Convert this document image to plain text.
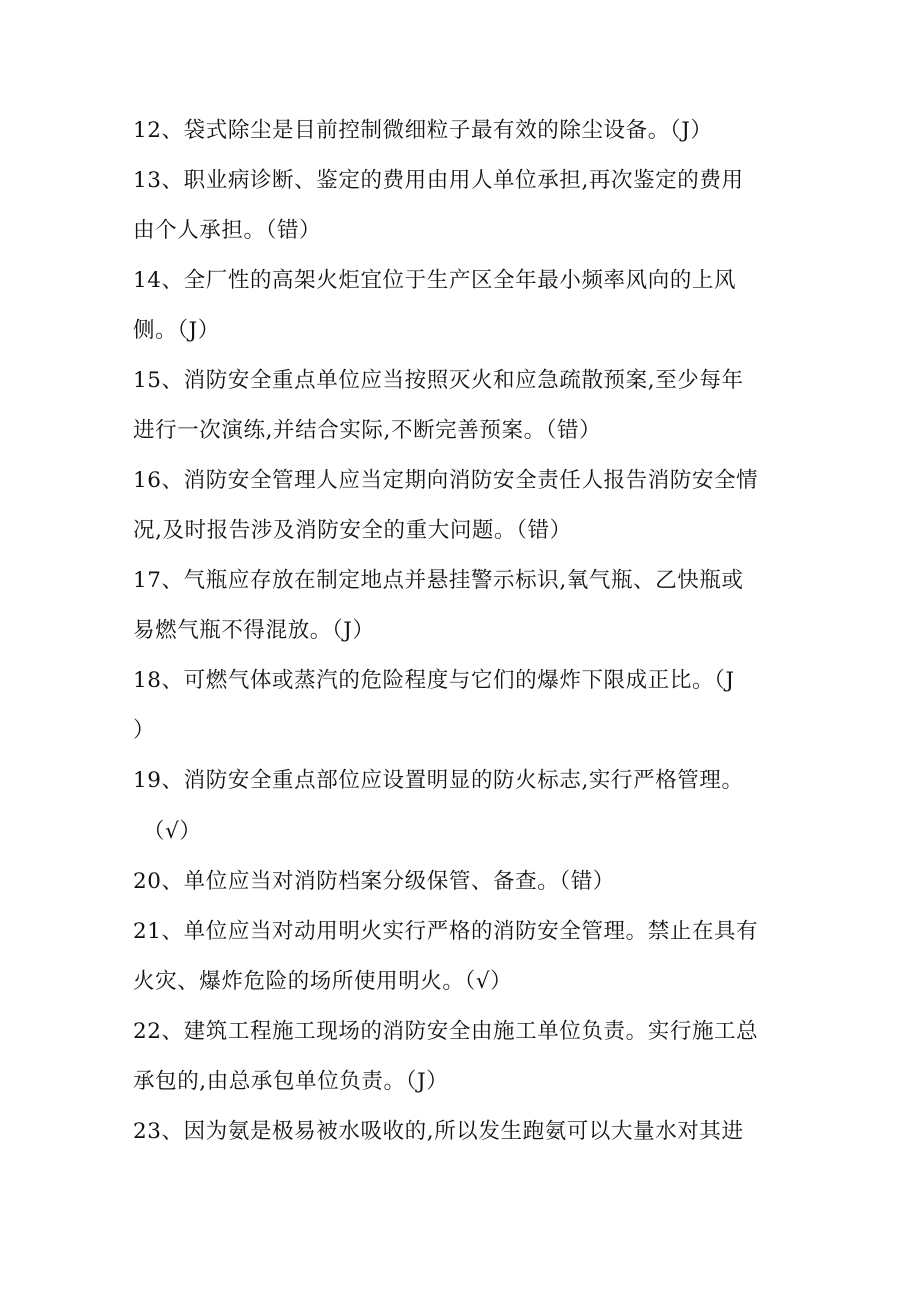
12、袋式除尘是目前控制微细粒子最有效的除尘设备。（J）
13、职业病诊断、鉴定的费用由用人单位承担,再次鉴定的费用
由个人承担。（错）
14、全厂性的高架火炬宜位于生产区全年最小频率风向的上风
侧。（J）
15、消防安全重点单位应当按照灭火和应急疏散预案,至少每年
进行一次演练,并结合实际,不断完善预案。（错）
16、消防安全管理人应当定期向消防安全责任人报告消防安全情
况,及时报告涉及消防安全的重大问题。（错）
17、气瓶应存放在制定地点并悬挂警示标识,氧气瓶、乙快瓶或
易燃气瓶不得混放。（J）
18、可燃气体或蒸汽的危险程度与它们的爆炸下限成正比。（J
）
19、消防安全重点部位应设置明显的防火标志,实行严格管理。
（√）
20、单位应当对消防档案分级保管、备查。（错）
21、单位应当对动用明火实行严格的消防安全管理。禁止在具有
火灾、爆炸危险的场所使用明火。（√）
22、建筑工程施工现场的消防安全由施工单位负责。实行施工总
承包的,由总承包单位负责。（J）
23、因为氨是极易被水吸收的,所以发生跑氨可以大量水对其进
